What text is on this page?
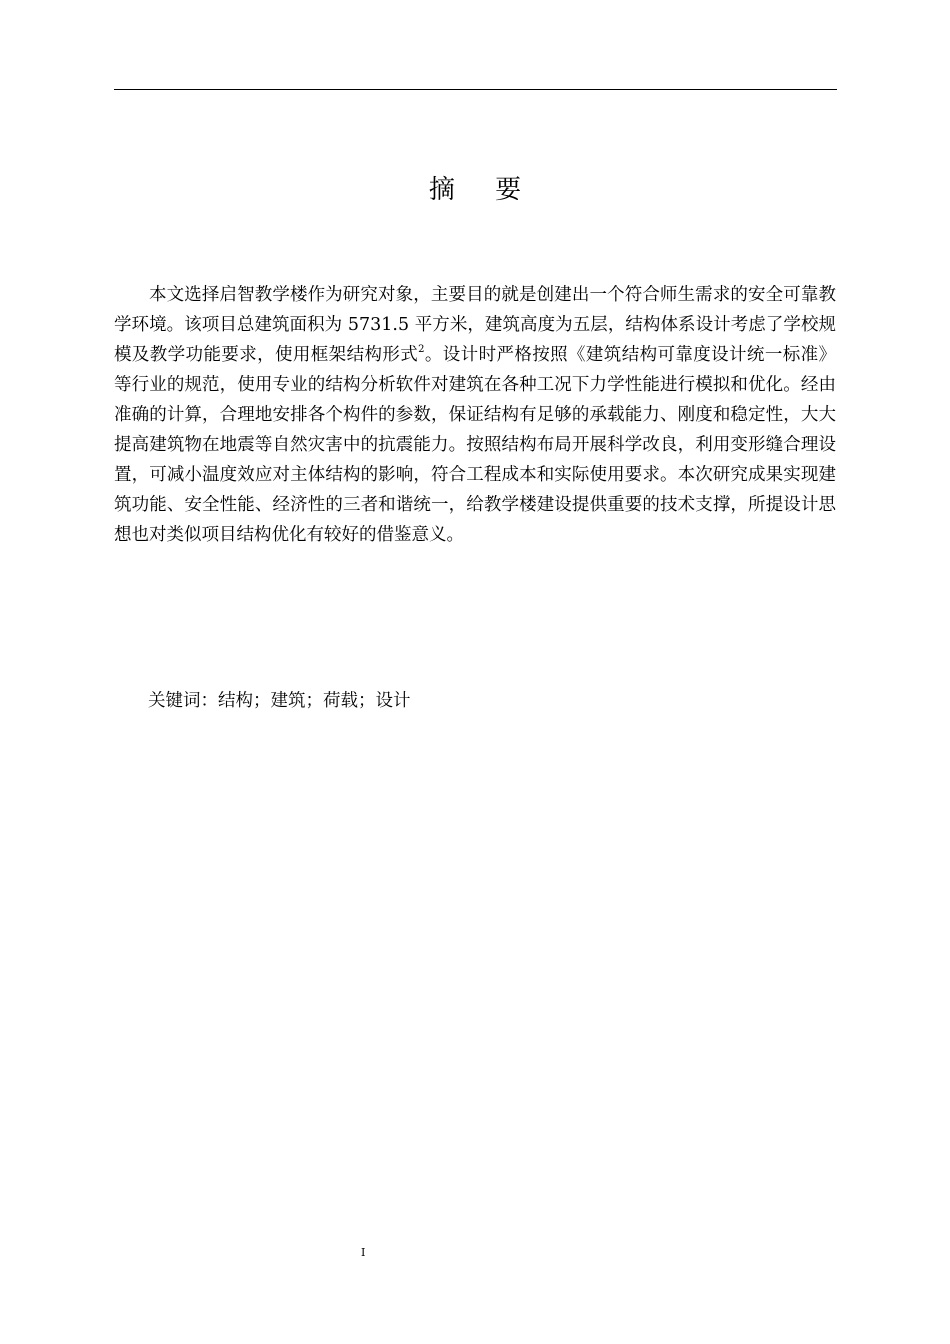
摘 要

本文选择启智教学楼作为研究对象，主要目的就是创建出一个符合师生需求的安全可靠教学环境。该项目总建筑面积为 5731.5 平方米，建筑高度为五层，结构体系设计考虑了学校规模及教学功能要求，使用框架结构形式$^2$。设计时严格按照《建筑结构可靠度设计统一标准》等行业的规范，使用专业的结构分析软件对建筑在各种工况下力学性能进行模拟和优化。经由准确的计算，合理地安排各个构件的参数，保证结构有足够的承载能力、刚度和稳定性，大大提高建筑物在地震等自然灾害中的抗震能力。按照结构布局开展科学改良，利用变形缝合理设置，可减小温度效应对主体结构的影响，符合工程成本和实际使用要求。本次研究成果实现建筑功能、安全性能、经济性的三者和谐统一，给教学楼建设提供重要的技术支撑，所提设计思想也对类似项目结构优化有较好的借鉴意义。

关键词：结构；建筑；荷载；设计
I
